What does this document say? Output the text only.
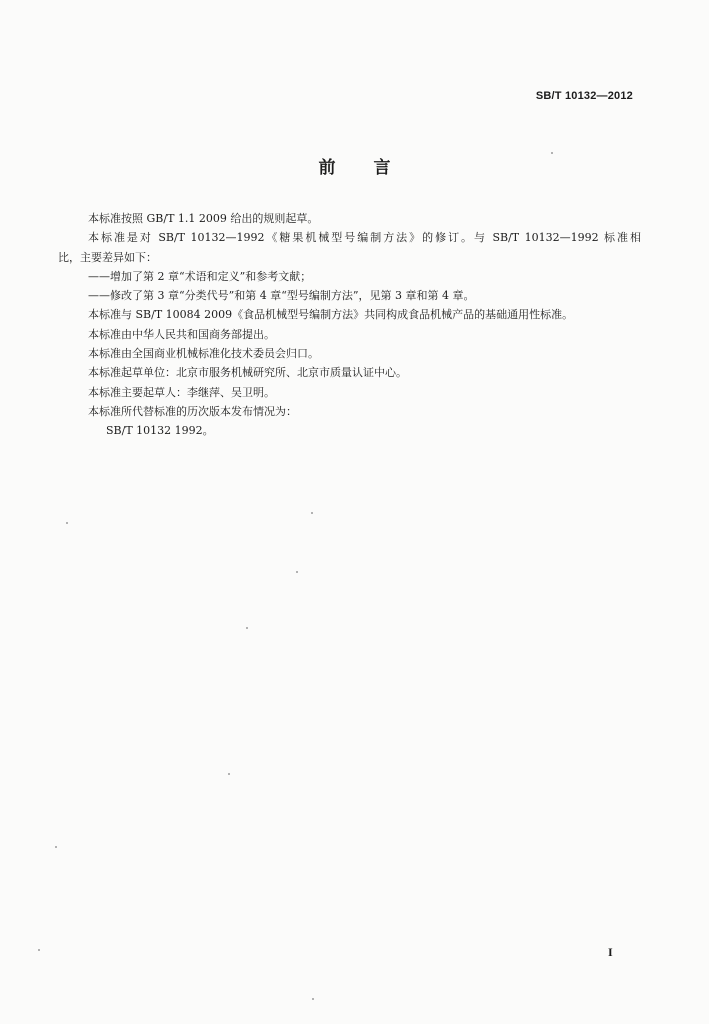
SB/T 10132—2012
前言
本标准按照 GB/T 1.1 2009 给出的规则起草。
本标准是对 SB/T 10132—1992《糖果机械型号编制方法》的修订。与 SB/T 10132—1992 标准相
比，主要差异如下：
——增加了第 2 章“术语和定义”和参考文献；
——修改了第 3 章“分类代号”和第 4 章“型号编制方法”，见第 3 章和第 4 章。
本标准与 SB/T 10084 2009《食品机械型号编制方法》共同构成食品机械产品的基础通用性标准。
本标准由中华人民共和国商务部提出。
本标准由全国商业机械标准化技术委员会归口。
本标准起草单位：北京市服务机械研究所、北京市质量认证中心。
本标准主要起草人：李继萍、吴卫明。
本标准所代替标准的历次版本发布情况为：
SB/T 10132 1992。
I
